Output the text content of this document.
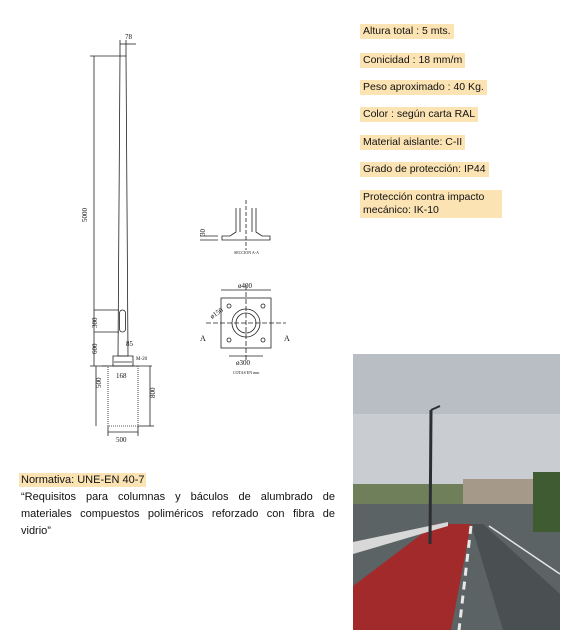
Altura total : 5 mts.
Conicidad : 18 mm/m
Peso aproximado : 40 Kg.
Color : según carta RAL
Material aislante: C-II
Grado de protección: IP44
Protección contra impacto mecánico: IK-10
78
5000
300
600	85
M-20
168
500
800
500
30
SECCION A-A
ø400
ø150
ø300
A	A
COTAS EN mm
Normativa: UNE-EN 40-7
“Requisitos para columnas y báculos de alumbrado de materiales compuestos poliméricos reforzado con fibra de vidrio”
